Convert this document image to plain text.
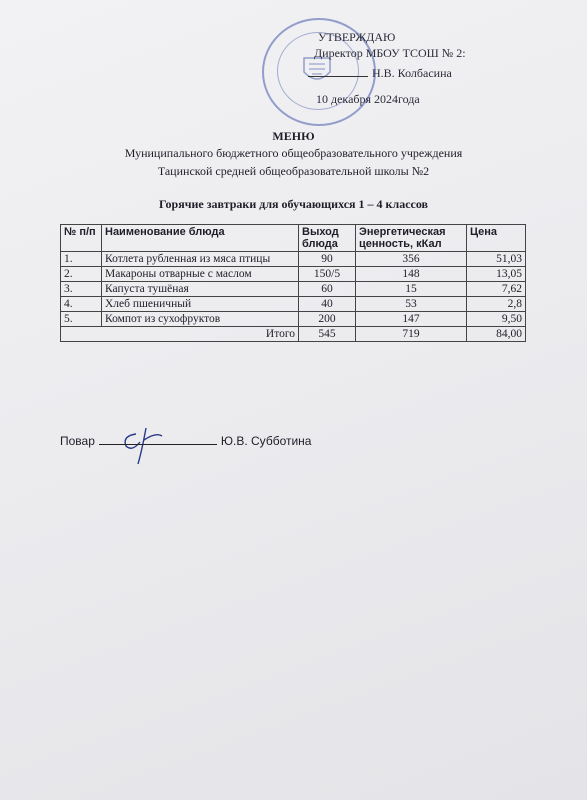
УТВЕРЖДАЮ
Директор МБОУ ТСОШ № 2:
Н.В. Колбасина
10 декабря 2024года
МЕНЮ
Муниципального бюджетного общеобразовательного учреждения
Тацинской средней общеобразовательной школы №2
Горячие завтраки для обучающихся 1 – 4 классов
№ п/п	Наименование блюда	Выход блюда	Энергетическая ценность, кКал	Цена
1.	Котлета рубленная из мяса птицы	90	356	51,03
2.	Макароны отварные с маслом	150/5	148	13,05
3.	Капуста тушёная	60	15	7,62
4.	Хлеб пшеничный	40	53	2,8
5.	Компот из сухофруктов	200	147	9,50
Итого		545	719	84,00
Повар	Ю.В. Субботина
